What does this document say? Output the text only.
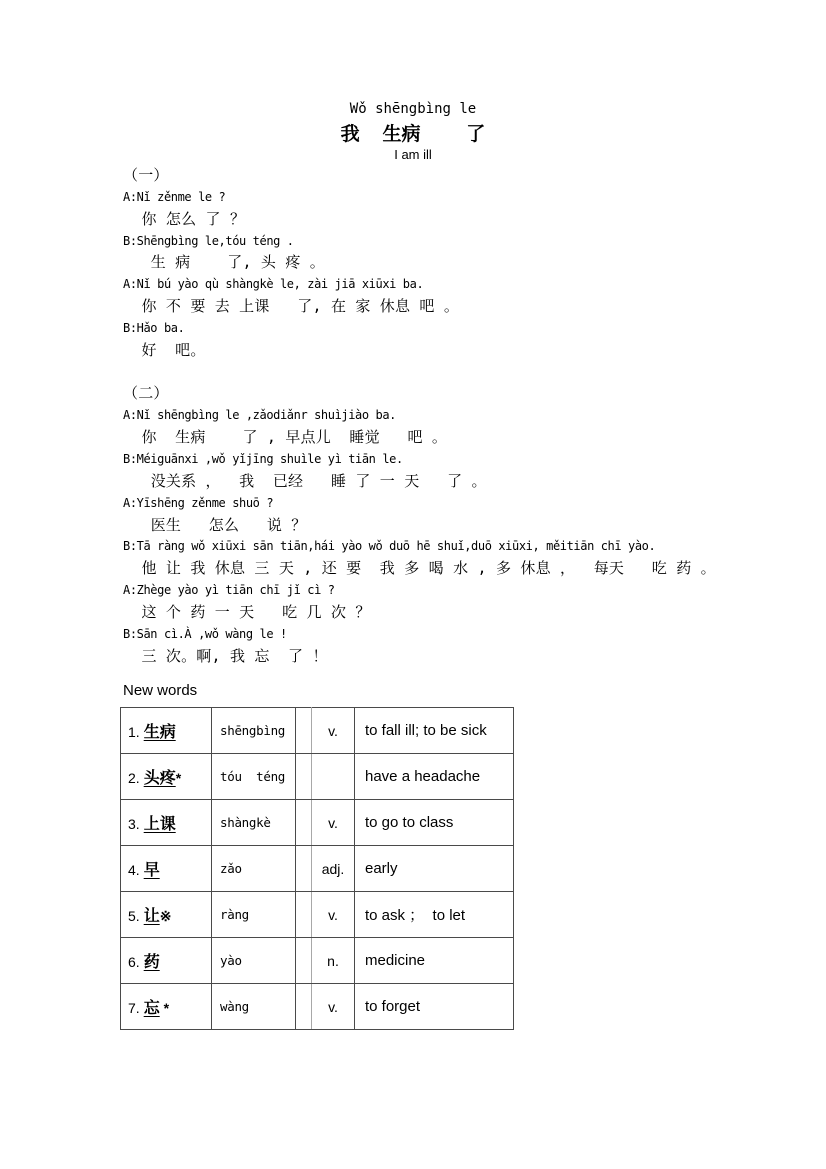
Wǒ shēngbìng le
我  生病    了
I am ill
（一）
A:Nǐ zěnme le ?
你 怎么 了 ？
B:Shēngbìng le,tóu téng .
生 病    了, 头 疼 。
A:Nǐ bú yào qù shàngkè le, zài jiā xiūxi ba.
你 不 要 去 上课   了, 在 家 休息 吧 。
B:Hǎo ba.
好  吧。
（二）
A:Nǐ shēngbìng le ,zǎodiǎnr shuìjiào ba.
你  生病    了 , 早点儿  睡觉   吧 。
B:Méiguānxi ,wǒ yǐjīng shuìle yì tiān le.
没关系 ，  我  已经   睡 了 一 天   了 。
A:Yīshēng zěnme shuō ?
医生   怎么   说 ？
B:Tā ràng wǒ xiūxi sān tiān,hái yào wǒ duō hē shuǐ,duō xiūxi, měitiān chī yào.
他 让 我 休息 三 天 , 还 要  我 多 喝 水 , 多 休息 ，  每天   吃 药 。
A:Zhège yào yì tiān chī jǐ cì ?
这 个 药 一 天   吃 几 次 ？
B:Sān cì.À ,wǒ wàng le !
三 次。啊, 我 忘  了 ！
New words
1. 生病	shēngbìng		v.	to fall ill; to be sick
2. 头疼*	tóu  téng			have a headache
3. 上课	shàngkè		v.	to go to class
4. 早	zǎo		adj.	early
5. 让※	ràng		v.	to ask ；  to let
6. 药	yào		n.	medicine
7. 忘 *	wàng		v.	to forget
